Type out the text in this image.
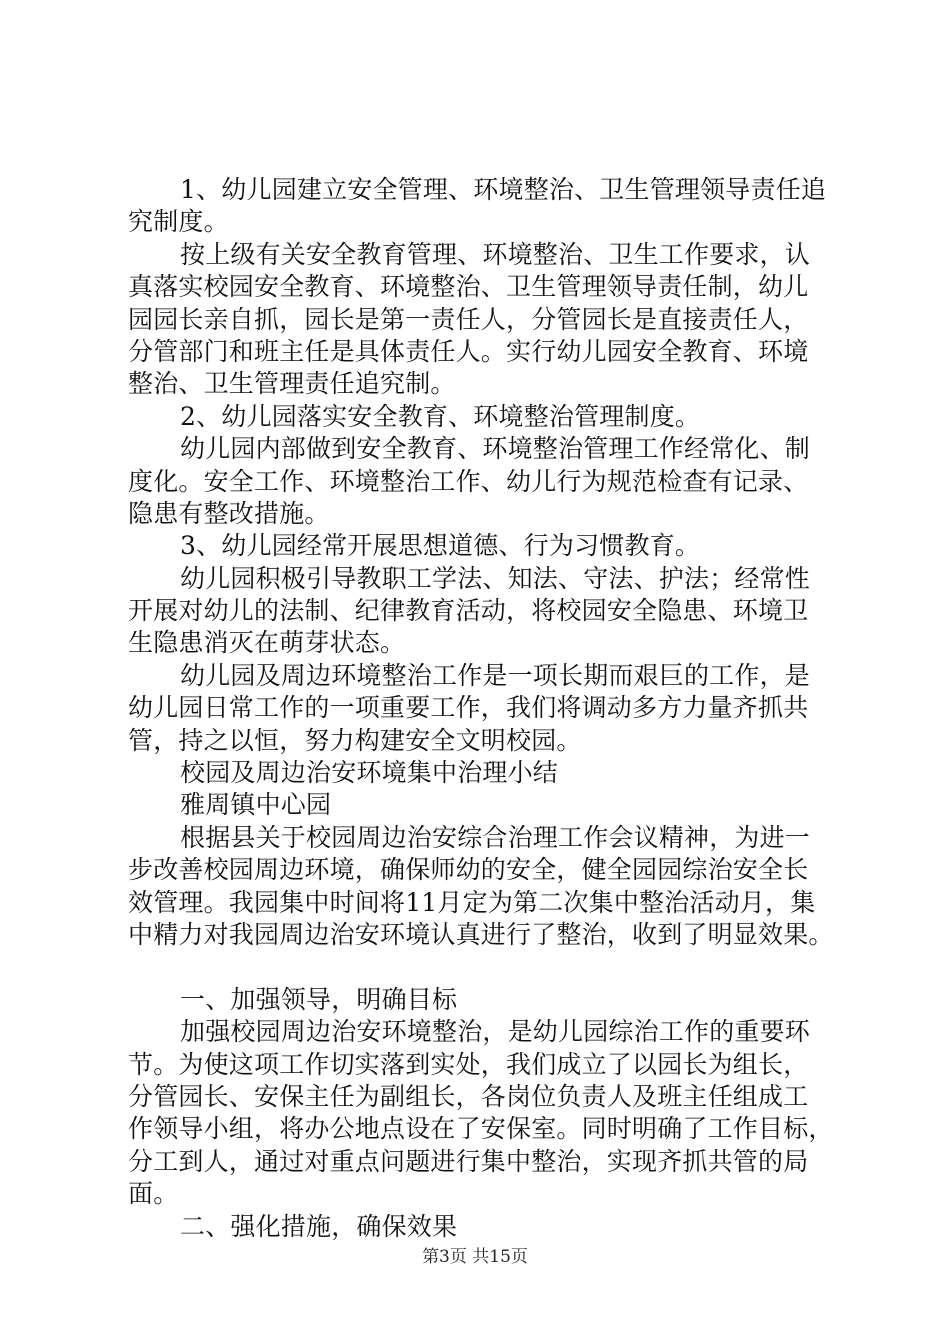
1、幼儿园建立安全管理、环境整治、卫生管理领导责任追
究制度。
按上级有关安全教育管理、环境整治、卫生工作要求，认
真落实校园安全教育、环境整治、卫生管理领导责任制，幼儿
园园长亲自抓，园长是第一责任人，分管园长是直接责任人，
分管部门和班主任是具体责任人。实行幼儿园安全教育、环境
整治、卫生管理责任追究制。
2、幼儿园落实安全教育、环境整治管理制度。
幼儿园内部做到安全教育、环境整治管理工作经常化、制
度化。安全工作、环境整治工作、幼儿行为规范检查有记录、
隐患有整改措施。
3、幼儿园经常开展思想道德、行为习惯教育。
幼儿园积极引导教职工学法、知法、守法、护法；经常性
开展对幼儿的法制、纪律教育活动，将校园安全隐患、环境卫
生隐患消灭在萌芽状态。
幼儿园及周边环境整治工作是一项长期而艰巨的工作，是
幼儿园日常工作的一项重要工作，我们将调动多方力量齐抓共
管，持之以恒，努力构建安全文明校园。
校园及周边治安环境集中治理小结
雅周镇中心园
根据县关于校园周边治安综合治理工作会议精神，为进一
步改善校园周边环境，确保师幼的安全，健全园园综治安全长
效管理。我园集中时间将11月定为第二次集中整治活动月，集
中精力对我园周边治安环境认真进行了整治，收到了明显效果。
一、加强领导，明确目标
加强校园周边治安环境整治，是幼儿园综治工作的重要环
节。为使这项工作切实落到实处，我们成立了以园长为组长，
分管园长、安保主任为副组长，各岗位负责人及班主任组成工
作领导小组，将办公地点设在了安保室。同时明确了工作目标，
分工到人，通过对重点问题进行集中整治，实现齐抓共管的局
面。
二、强化措施，确保效果
第3页 共15页
